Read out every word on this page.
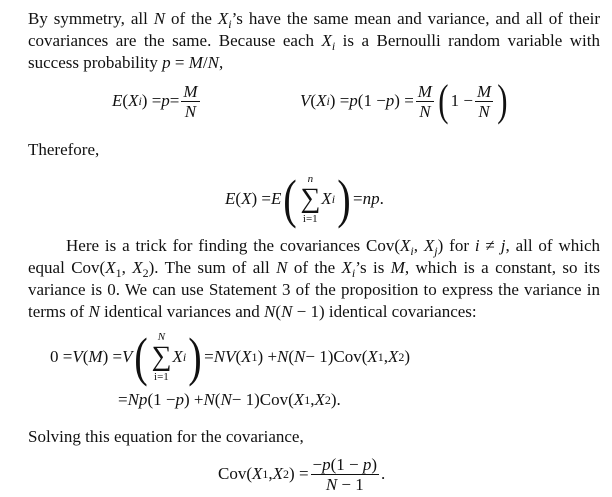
By symmetry, all N of the $X_i’s$ have the same mean and variance, and all of their
covariances are the same. Because each $X_i$ is a Bernoulli random variable with
success probability p = M/N,
E ( X i ) = $p = \frac{M}{N}$	V ( X i ) = p (1 − p ) = $\frac{M}{N}$ ( $1 - \frac{M}{N}$ )
Therefore,
E ( X ) = E ( n
∑
i=1
X i ) = np .
Here is a trick for finding the covariances $Cov(X_i$, $X_j$) for i ≠ j, all of which
equal $Cov(X_1$, $X_2$). The sum of all N of the $X_i’s$ is M, which is a constant, so its
variance is 0. We can use Statement 3 of the proposition to express the variance in
terms of N identical variances and N(N − 1) identical covariances:
0 = V ( M ) = V ( N
∑
i=1
X i ) = NV ( X 1 ) + N ( N − 1)Cov( X 1 , X 2 )
= Np (1 − p ) + N ( N − 1)Cov( X 1 , X 2 ).
Solving this equation for the covariance,
Cov( X 1 , X 2 ) = $\frac{-p(1 - p)}{N - 1}$ .
